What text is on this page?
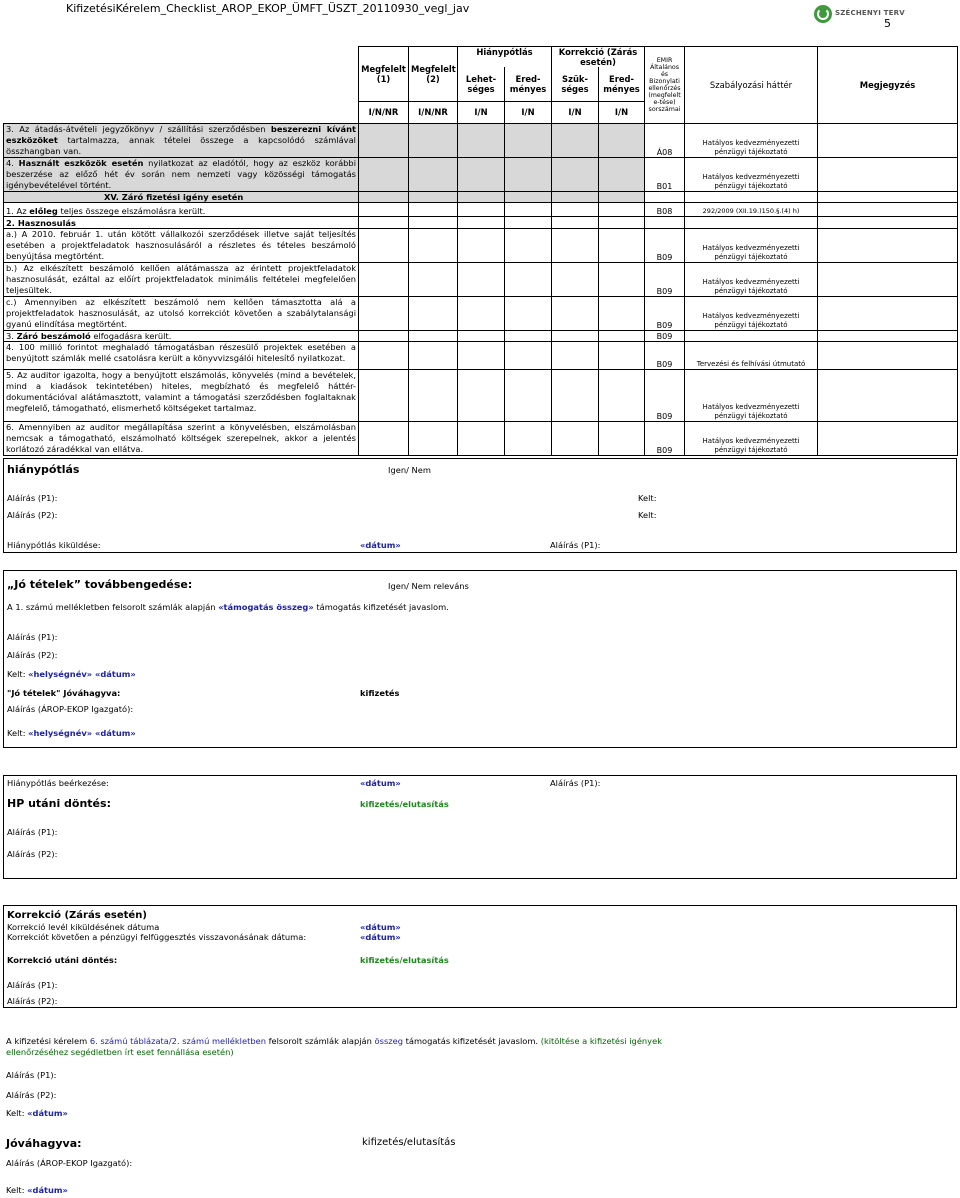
KifizetésiKérelem_Checklist_AROP_EKOP_ÜMFT_ÜSZT_20110930_vegl_jav	SZÉCHENYI TERV
5
	Megfelelt (1)	Megfelelt (2)	Hiánypótlás		Korrekció (Zárás esetén)		EMIR Általános és Bizonylati ellenőrzés (megfelelt e-tése) sorszámai	Szabályozási háttér	Megjegyzés
			Lehet-séges	Ered-ményes	Szük-séges	Ered-ményes			
	I/N/NR	I/N/NR	I/N	I/N	I/N	I/N			
3. Az átadás-átvételi jegyzőkönyv / szállítási szerződésben beszerezni kívánt eszközöket tartalmazza, annak tételei összege a kapcsolódó számlával összhangban van.							Á08	Hatályos kedvezményezetti pénzügyi tájékoztató	
4. Használt eszközök esetén nyilatkozat az eladótól, hogy az eszköz korábbi beszerzése az előző hét év során nem nemzeti vagy közösségi támogatás igénybevételével történt.							B01	Hatályos kedvezményezetti pénzügyi tájékoztató	
XV. Záró fizetési igény esetén									
1. Az előleg teljes összege elszámolásra került.							B08	292/2009 (XII.19.)150.§.(4) h)	
2. Hasznosulás									
a.) A 2010. február 1. után kötött vállalkozói szerződések illetve saját teljesítés esetében a projektfeladatok hasznosulásáról a részletes és tételes beszámoló benyújtása megtörtént.							B09	Hatályos kedvezményezetti pénzügyi tájékoztató	
b.) Az elkészített beszámoló kellően alátámassza az érintett projektfeladatok hasznosulását, ezáltal az előírt projektfeladatok minimális feltételei megfelelően teljesültek.							B09	Hatályos kedvezményezetti pénzügyi tájékoztató	
c.) Amennyiben az elkészített beszámoló nem kellően támasztotta alá a projektfeladatok hasznosulását, az utolsó korrekciót követően a szabálytalansági gyanú elindítása megtörtént.							B09	Hatályos kedvezményezetti pénzügyi tájékoztató	
3. Záró beszámoló elfogadásra került.							B09		
4. 100 millió forintot meghaladó támogatásban részesülő projektek esetében a benyújtott számlák mellé csatolásra került a könyvvizsgálói hitelesítő nyilatkozat.							B09	Tervezési és felhívási útmutató	
5. Az auditor igazolta, hogy a benyújtott elszámolás, könyvelés (mind a bevételek, mind a kiadások tekintetében) hiteles, megbízható és megfelelő háttér-dokumentációval alátámasztott, valamint a támogatási szerződésben foglaltaknak megfelelő, támogatható, elismerhető költségeket tartalmaz.							B09	Hatályos kedvezményezetti pénzügyi tájékoztató	
6. Amennyiben az auditor megállapítása szerint a könyvelésben, elszámolásban nemcsak a támogatható, elszámolható költségek szerepelnek, akkor a jelentés korlátozó záradékkal van ellátva.							B09	Hatályos kedvezményezetti pénzügyi tájékoztató	
hiánypótlás	Igen/ Nem
Aláírás (P1):	Kelt:
Aláírás (P2):	Kelt:
Hiánypótlás kiküldése:	«dátum»	Aláírás (P1):
„Jó tételek” továbbengedése:	Igen/ Nem releváns
A 1. számú mellékletben felsorolt számlák alapján «támogatás összeg» támogatás kifizetését javaslom.
Aláírás (P1):
Aláírás (P2):
Kelt: «helységnév» «dátum»
"Jó tételek" Jóváhagyva:	kifizetés
Aláírás (ÁROP-EKOP Igazgató):
Kelt: «helységnév» «dátum»
Hiánypótlás beérkezése:	«dátum»	Aláírás (P1):
HP utáni döntés:	kifizetés/elutasítás
Aláírás (P1):
Aláírás (P2):
Korrekció (Zárás esetén)
Korrekció levél kiküldésének dátuma	«dátum»
Korrekciót követően a pénzügyi felfüggesztés visszavonásának dátuma:	«dátum»
Korrekció utáni döntés:	kifizetés/elutasítás
Aláírás (P1):
Aláírás (P2):
A kifizetési kérelem 6. számú táblázata/2. számú mellékletben felsorolt számlák alapján összeg támogatás kifizetését javaslom. (kitöltése a kifizetési igények
ellenőrzéséhez segédletben írt eset fennállása esetén)
Aláírás (P1):
Aláírás (P2):
Kelt: «dátum»
Jóváhagyva:	kifizetés/elutasítás
Aláírás (ÁROP-EKOP Igazgató):
Kelt: «dátum»
